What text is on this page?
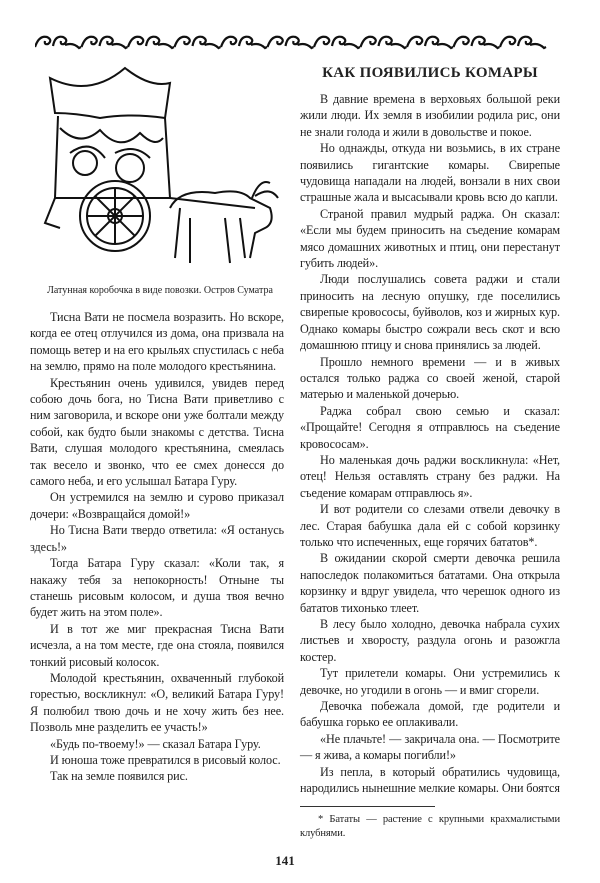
Латунная коробочка в виде повозки. Остров Суматра

Тисна Вати не посмела возразить. Но вскоре, когда ее отец отлучился из дома, она призвала на помощь ветер и на его крыльях спустилась с неба на землю, прямо на поле молодого крестьянина.

Крестьянин очень удивился, увидев перед собою дочь бога, но Тисна Вати приветливо с ним заговорила, и вскоре они уже болтали между собой, как будто были знакомы с детства. Тисна Вати, слушая молодого крестьянина, смеялась так весело и звонко, что ее смех донесся до самого неба, и его услышал Батара Гуру.

Он устремился на землю и сурово приказал дочери: «Возвращайся домой!»

Но Тисна Вати твердо ответила: «Я останусь здесь!»

Тогда Батара Гуру сказал: «Коли так, я накажу тебя за непокорность! Отныне ты станешь рисовым колосом, и душа твоя вечно будет жить на этом поле».

И в тот же миг прекрасная Тисна Вати исчезла, а на том месте, где она стояла, появился тонкий рисовый колосок.

Молодой крестьянин, охваченный глубокой горестью, воскликнул: «О, великий Батара Гуру! Я полюбил твою дочь и не хочу жить без нее. Позволь мне разделить ее участь!»

«Будь по-твоему!» — сказал Батара Гуру.

И юноша тоже превратился в рисовый колос.

Так на земле появился рис.

КАК ПОЯВИЛИСЬ КОМАРЫ

В давние времена в верховьях большой реки жили люди. Их земля в изобилии родила рис, они не знали голода и жили в довольстве и покое.

Но однажды, откуда ни возьмись, в их стране появились гигантские комары. Свирепые чудовища нападали на людей, вонзали в них свои страшные жала и высасывали кровь всю до капли.

Страной правил мудрый раджа. Он сказал: «Если мы будем приносить на съедение комарам мясо домашних животных и птиц, они перестанут губить людей».

Люди послушались совета раджи и стали приносить на лесную опушку, где поселились свирепые кровососы, буйволов, коз и жирных кур. Однако комары быстро сожрали весь скот и всю домашнюю птицу и снова принялись за людей.

Прошло немного времени — и в живых остался только раджа со своей женой, старой матерью и маленькой дочерью.

Раджа собрал свою семью и сказал: «Прощайте! Сегодня я отправлюсь на съедение кровососам».

Но маленькая дочь раджи воскликнула: «Нет, отец! Нельзя оставлять страну без раджи. На съедение комарам отправлюсь я».

И вот родители со слезами отвели девочку в лес. Старая бабушка дала ей с собой корзинку только что испеченных, еще горячих бататов*.

В ожидании скорой смерти девочка решила напоследок полакомиться бататами. Она открыла корзинку и вдруг увидела, что черешок одного из бататов тихонько тлеет.

В лесу было холодно, девочка набрала сухих листьев и хворосту, раздула огонь и разожгла костер.

Тут прилетели комары. Они устремились к девочке, но угодили в огонь — и вмиг сгорели.

Девочка побежала домой, где родители и бабушка горько ее оплакивали.

«Не плачьте! — закричала она. — Посмотрите — я жива, а комары погибли!»

Из пепла, в который обратились чудовища, народились нынешние мелкие комары. Они боятся

* Бататы — растение с крупными крахмалистыми клубнями.
141
